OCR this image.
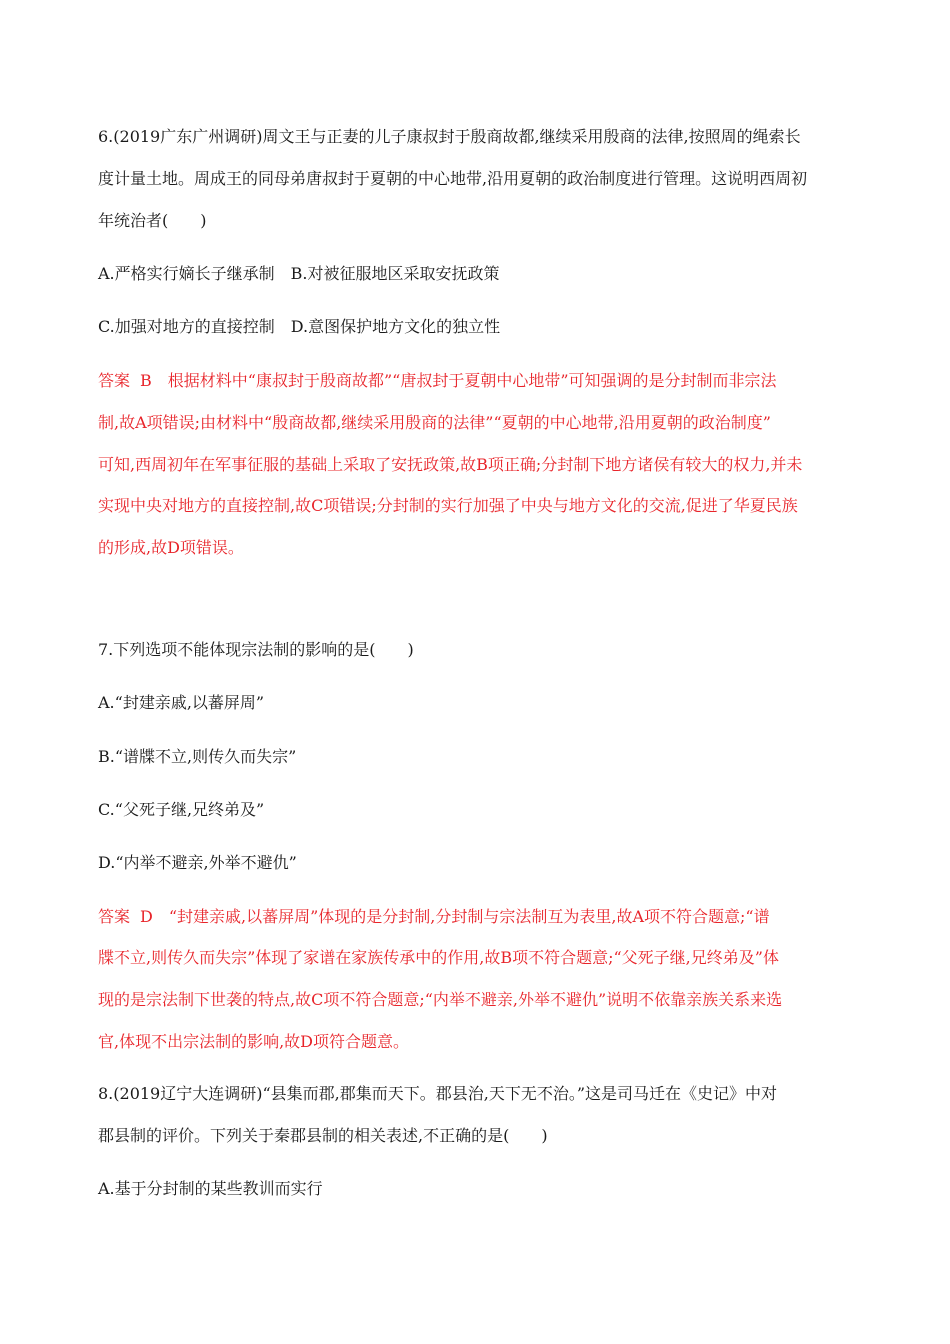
6.(2019广东广州调研)周文王与正妻的儿子康叔封于殷商故都,继续采用殷商的法律,按照周的绳索长
度计量土地。周成王的同母弟唐叔封于夏朝的中心地带,沿用夏朝的政治制度进行管理。这说明西周初
年统治者(　　)
A.严格实行嫡长子继承制　B.对被征服地区采取安抚政策
C.加强对地方的直接控制　D.意图保护地方文化的独立性
答案 B 根据材料中“康叔封于殷商故都”“唐叔封于夏朝中心地带”可知强调的是分封制而非宗法
制,故A项错误;由材料中“殷商故都,继续采用殷商的法律”“夏朝的中心地带,沿用夏朝的政治制度”
可知,西周初年在军事征服的基础上采取了安抚政策,故B项正确;分封制下地方诸侯有较大的权力,并未
实现中央对地方的直接控制,故C项错误;分封制的实行加强了中央与地方文化的交流,促进了华夏民族
的形成,故D项错误。
7.下列选项不能体现宗法制的影响的是(　　)
A.“封建亲戚,以蕃屏周”
B.“谱牒不立,则传久而失宗”
C.“父死子继,兄终弟及”
D.“内举不避亲,外举不避仇”
答案 D “封建亲戚,以蕃屏周”体现的是分封制,分封制与宗法制互为表里,故A项不符合题意;“谱
牒不立,则传久而失宗”体现了家谱在家族传承中的作用,故B项不符合题意;“父死子继,兄终弟及”体
现的是宗法制下世袭的特点,故C项不符合题意;“内举不避亲,外举不避仇”说明不依靠亲族关系来选
官,体现不出宗法制的影响,故D项符合题意。
8.(2019辽宁大连调研)“县集而郡,郡集而天下。郡县治,天下无不治。”这是司马迁在《史记》中对
郡县制的评价。下列关于秦郡县制的相关表述,不正确的是(　　)
A.基于分封制的某些教训而实行
